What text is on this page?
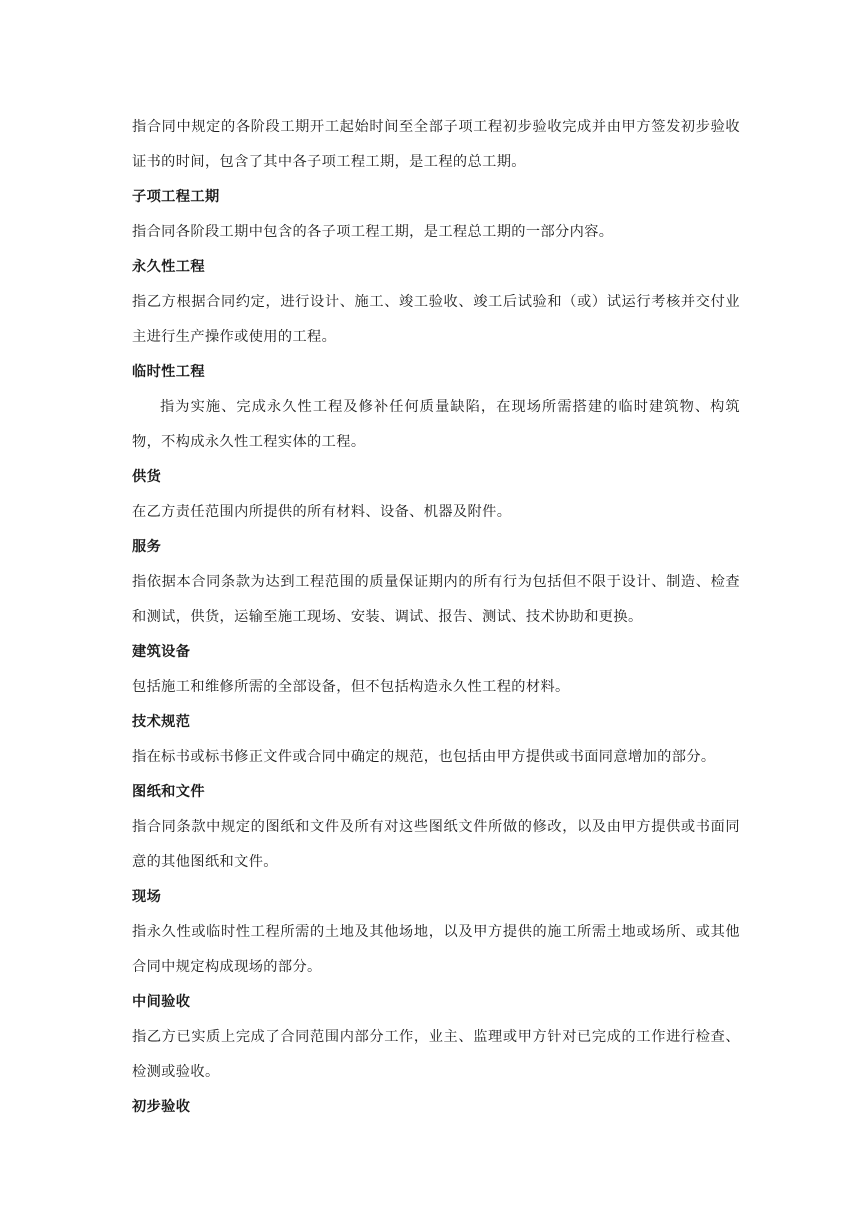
指合同中规定的各阶段工期开工起始时间至全部子项工程初步验收完成并由甲方签发初步验收证书的时间，包含了其中各子项工程工期，是工程的总工期。

子项工程工期

指合同各阶段工期中包含的各子项工程工期，是工程总工期的一部分内容。

永久性工程

指乙方根据合同约定，进行设计、施工、竣工验收、竣工后试验和（或）试运行考核并交付业主进行生产操作或使用的工程。

临时性工程

指为实施、完成永久性工程及修补任何质量缺陷，在现场所需搭建的临时建筑物、构筑物，不构成永久性工程实体的工程。

供货

在乙方责任范围内所提供的所有材料、设备、机器及附件。

服务

指依据本合同条款为达到工程范围的质量保证期内的所有行为包括但不限于设计、制造、检查和测试，供货，运输至施工现场、安装、调试、报告、测试、技术协助和更换。

建筑设备

包括施工和维修所需的全部设备，但不包括构造永久性工程的材料。

技术规范

指在标书或标书修正文件或合同中确定的规范，也包括由甲方提供或书面同意增加的部分。

图纸和文件

指合同条款中规定的图纸和文件及所有对这些图纸文件所做的修改，以及由甲方提供或书面同意的其他图纸和文件。

现场

指永久性或临时性工程所需的土地及其他场地，以及甲方提供的施工所需土地或场所、或其他合同中规定构成现场的部分。

中间验收

指乙方已实质上完成了合同范围内部分工作，业主、监理或甲方针对已完成的工作进行检查、检测或验收。

初步验收
